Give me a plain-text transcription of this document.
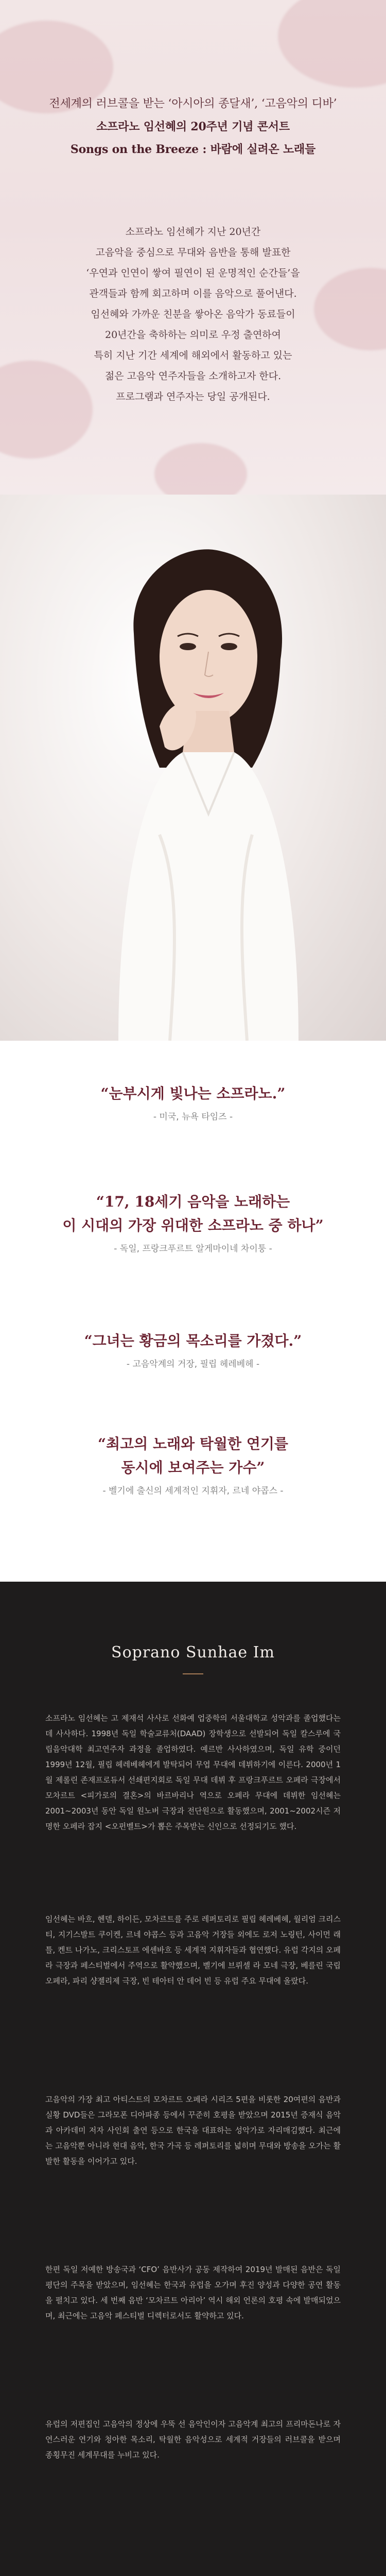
전세계의 러브콜을 받는 ‘아시아의 종달새’, ‘고음악의 디바’
소프라노 임선혜의 20주년 기념 콘서트
Songs on the Breeze : 바람에 실려온 노래들
소프라노 임선혜가 지난 20년간
고음악을 중심으로 무대와 음반을 통해 발표한
‘우연과 인연이 쌓여 필연이 된 운명적인 순간들’을
관객들과 함께 회고하며 이를 음악으로 풀어낸다.
임선혜와 가까운 친분을 쌓아온 음악가 동료들이
20년간을 축하하는 의미로 우정 출연하여
특히 지난 기간 세계에 해외에서 활동하고 있는
젊은 고음악 연주자들을 소개하고자 한다.
프로그램과 연주자는 당일 공개된다.
“눈부시게 빛나는 소프라노.”
- 미국, 뉴욕 타임즈 -
“17, 18세기 음악을 노래하는
이 시대의 가장 위대한 소프라노 중 하나”
- 독일, 프랑크푸르트 알게마이네 차이퉁 -
“그녀는 황금의 목소리를 가졌다.”
- 고음악계의 거장, 필립 헤레베헤 -
“최고의 노래와 탁월한 연기를
동시에 보여주는 가수”
- 벨기에 출신의 세계적인 지휘자, 르네 야콥스 -
Soprano Sunhae Im

소프라노 임선혜는 고 제재석 사사로 선화예 업중학의 서울대학교 성악과를 졸업했다는데 사사하다. 1998년 독일 학술교류처(DAAD) 장학생으로 선발되어 독일 칼스루에 국립음악대학 최고연주자 과정을 졸업하였다. 예르반 사사하였으며, 독일 유학 중이던 1999년 12월, 필립 헤레베헤에게 발탁되어 무엽 무대에 데뷔하기에 이른다. 2000년 1월 제롤린 존재프로듀서 선쇄편지회로 독일 무대 데뷔 후 프랑크푸르트 오페라 극장에서 모차르트 <피가로의 결혼>의 바르바리나 역으로 오페라 무대에 데뷔한 임선혜는 2001~2003년 동안 독일 원노버 극장과 전단원으로 활동했으며, 2001~2002시즌 저명한 오페라 잡지 <오펀벨트>가 뽑은 주목받는 신인으로 선정되기도 했다.

임선혜는 바흐, 헨델, 하이든, 모차르트를 주로 레퍼토리로 필립 헤레베헤, 월리엄 크리스티, 지기스발트 쿠이켄, 르네 야콥스 등과 고음악 거장들 외에도 로저 노링턴, 사이먼 래틀, 켄트 나가노, 크리스토프 에셴바흐 등 세계적 지휘자들과 협연했다. 유럽 각지의 오페라 극장과 페스티벌에서 주역으로 활약했으며, 벨기에 브뤼셀 라 모네 극장, 베를린 국립 오페라, 파리 샹젤리제 극장, 빈 테아터 안 데어 빈 등 유럽 주요 무대에 올랐다.

고음악의 가장 최고 아티스트의 모차르트 오페라 시리즈 5편을 비롯한 20여편의 음반과 실황 DVD들은 그라모폰 디아파종 등에서 꾸준히 호평을 받았으며 2015년 증재식 음악과 아카데미 저자 사인회 출연 등으로 한국을 대표하는 성악가로 자리매김했다. 최근에는 고음악뿐 아니라 현대 음악, 한국 가곡 등 레퍼토리를 넓히며 무대와 방송을 오가는 활발한 활동을 이어가고 있다.

한편 독일 저예한 방송국과 ‘CFO’ 음반사가 공동 제작하여 2019년 발매된 음반은 독일 평단의 주목을 받았으며, 임선혜는 한국과 유럽을 오가며 후진 양성과 다양한 공연 활동을 펼치고 있다. 세 번째 음반 ‘모차르트 아리아’ 역시 해외 언론의 호평 속에 발매되었으며, 최근에는 고음악 페스티벌 디렉터로서도 활약하고 있다.

유럽의 저편집인 고음악의 정상에 우뚝 선 음악인이자 고음악계 최고의 프리마돈나로 자연스러운 연기와 청아한 목소리, 탁월한 음악성으로 세계적 거장들의 러브콜을 받으며 종횡무진 세계무대를 누비고 있다.
